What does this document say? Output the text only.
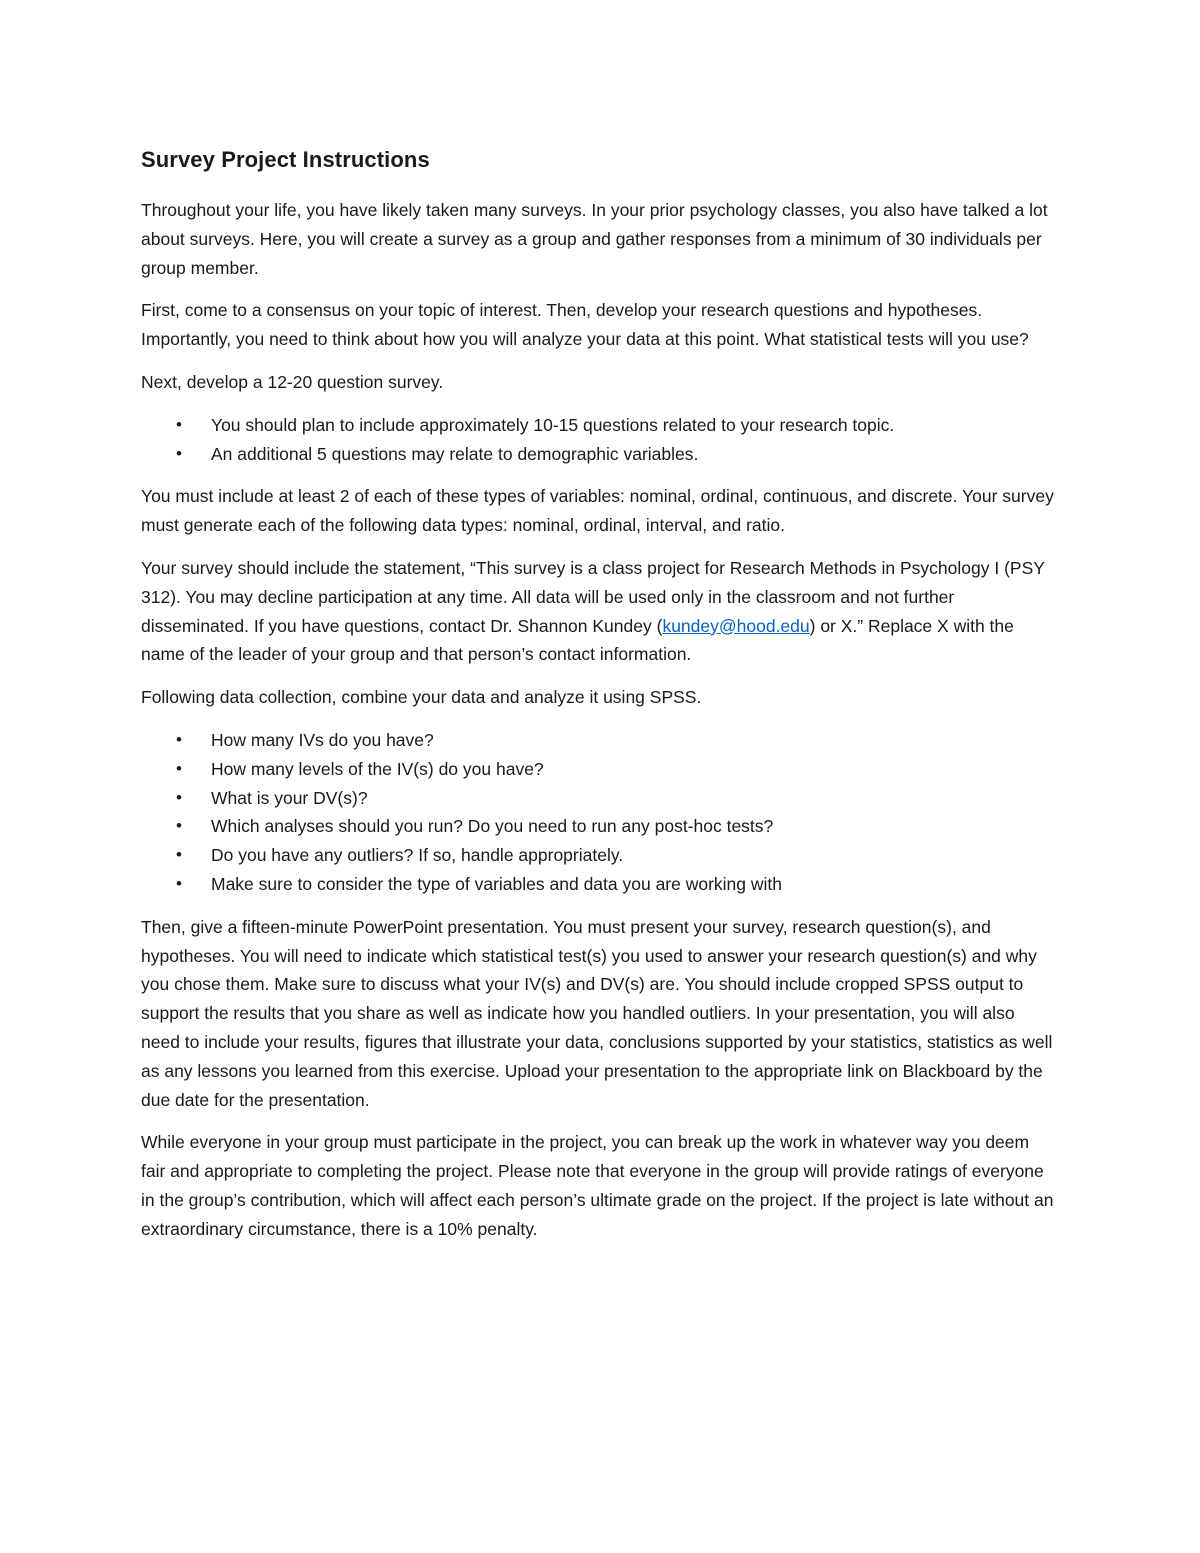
Survey Project Instructions

Throughout your life, you have likely taken many surveys. In your prior psychology classes, you also have talked a lot about surveys. Here, you will create a survey as a group and gather responses from a minimum of 30 individuals per group member.

First, come to a consensus on your topic of interest. Then, develop your research questions and hypotheses. Importantly, you need to think about how you will analyze your data at this point. What statistical tests will you use?

Next, develop a 12-20 question survey.

• You should plan to include approximately 10-15 questions related to your research topic.
• An additional 5 questions may relate to demographic variables.

You must include at least 2 of each of these types of variables: nominal, ordinal, continuous, and discrete. Your survey must generate each of the following data types: nominal, ordinal, interval, and ratio.

Your survey should include the statement, “This survey is a class project for Research Methods in Psychology I (PSY 312). You may decline participation at any time. All data will be used only in the classroom and not further disseminated. If you have questions, contact Dr. Shannon Kundey (kundey@hood.edu) or X.” Replace X with the name of the leader of your group and that person’s contact information.

Following data collection, combine your data and analyze it using SPSS.

• How many IVs do you have?
• How many levels of the IV(s) do you have?
• What is your DV(s)?
• Which analyses should you run? Do you need to run any post-hoc tests?
• Do you have any outliers? If so, handle appropriately.
• Make sure to consider the type of variables and data you are working with

Then, give a fifteen-minute PowerPoint presentation. You must present your survey, research question(s), and hypotheses. You will need to indicate which statistical test(s) you used to answer your research question(s) and why you chose them. Make sure to discuss what your IV(s) and DV(s) are. You should include cropped SPSS output to support the results that you share as well as indicate how you handled outliers. In your presentation, you will also need to include your results, figures that illustrate your data, conclusions supported by your statistics, statistics as well as any lessons you learned from this exercise. Upload your presentation to the appropriate link on Blackboard by the due date for the presentation.

While everyone in your group must participate in the project, you can break up the work in whatever way you deem fair and appropriate to completing the project. Please note that everyone in the group will provide ratings of everyone in the group’s contribution, which will affect each person’s ultimate grade on the project. If the project is late without an extraordinary circumstance, there is a 10% penalty.
